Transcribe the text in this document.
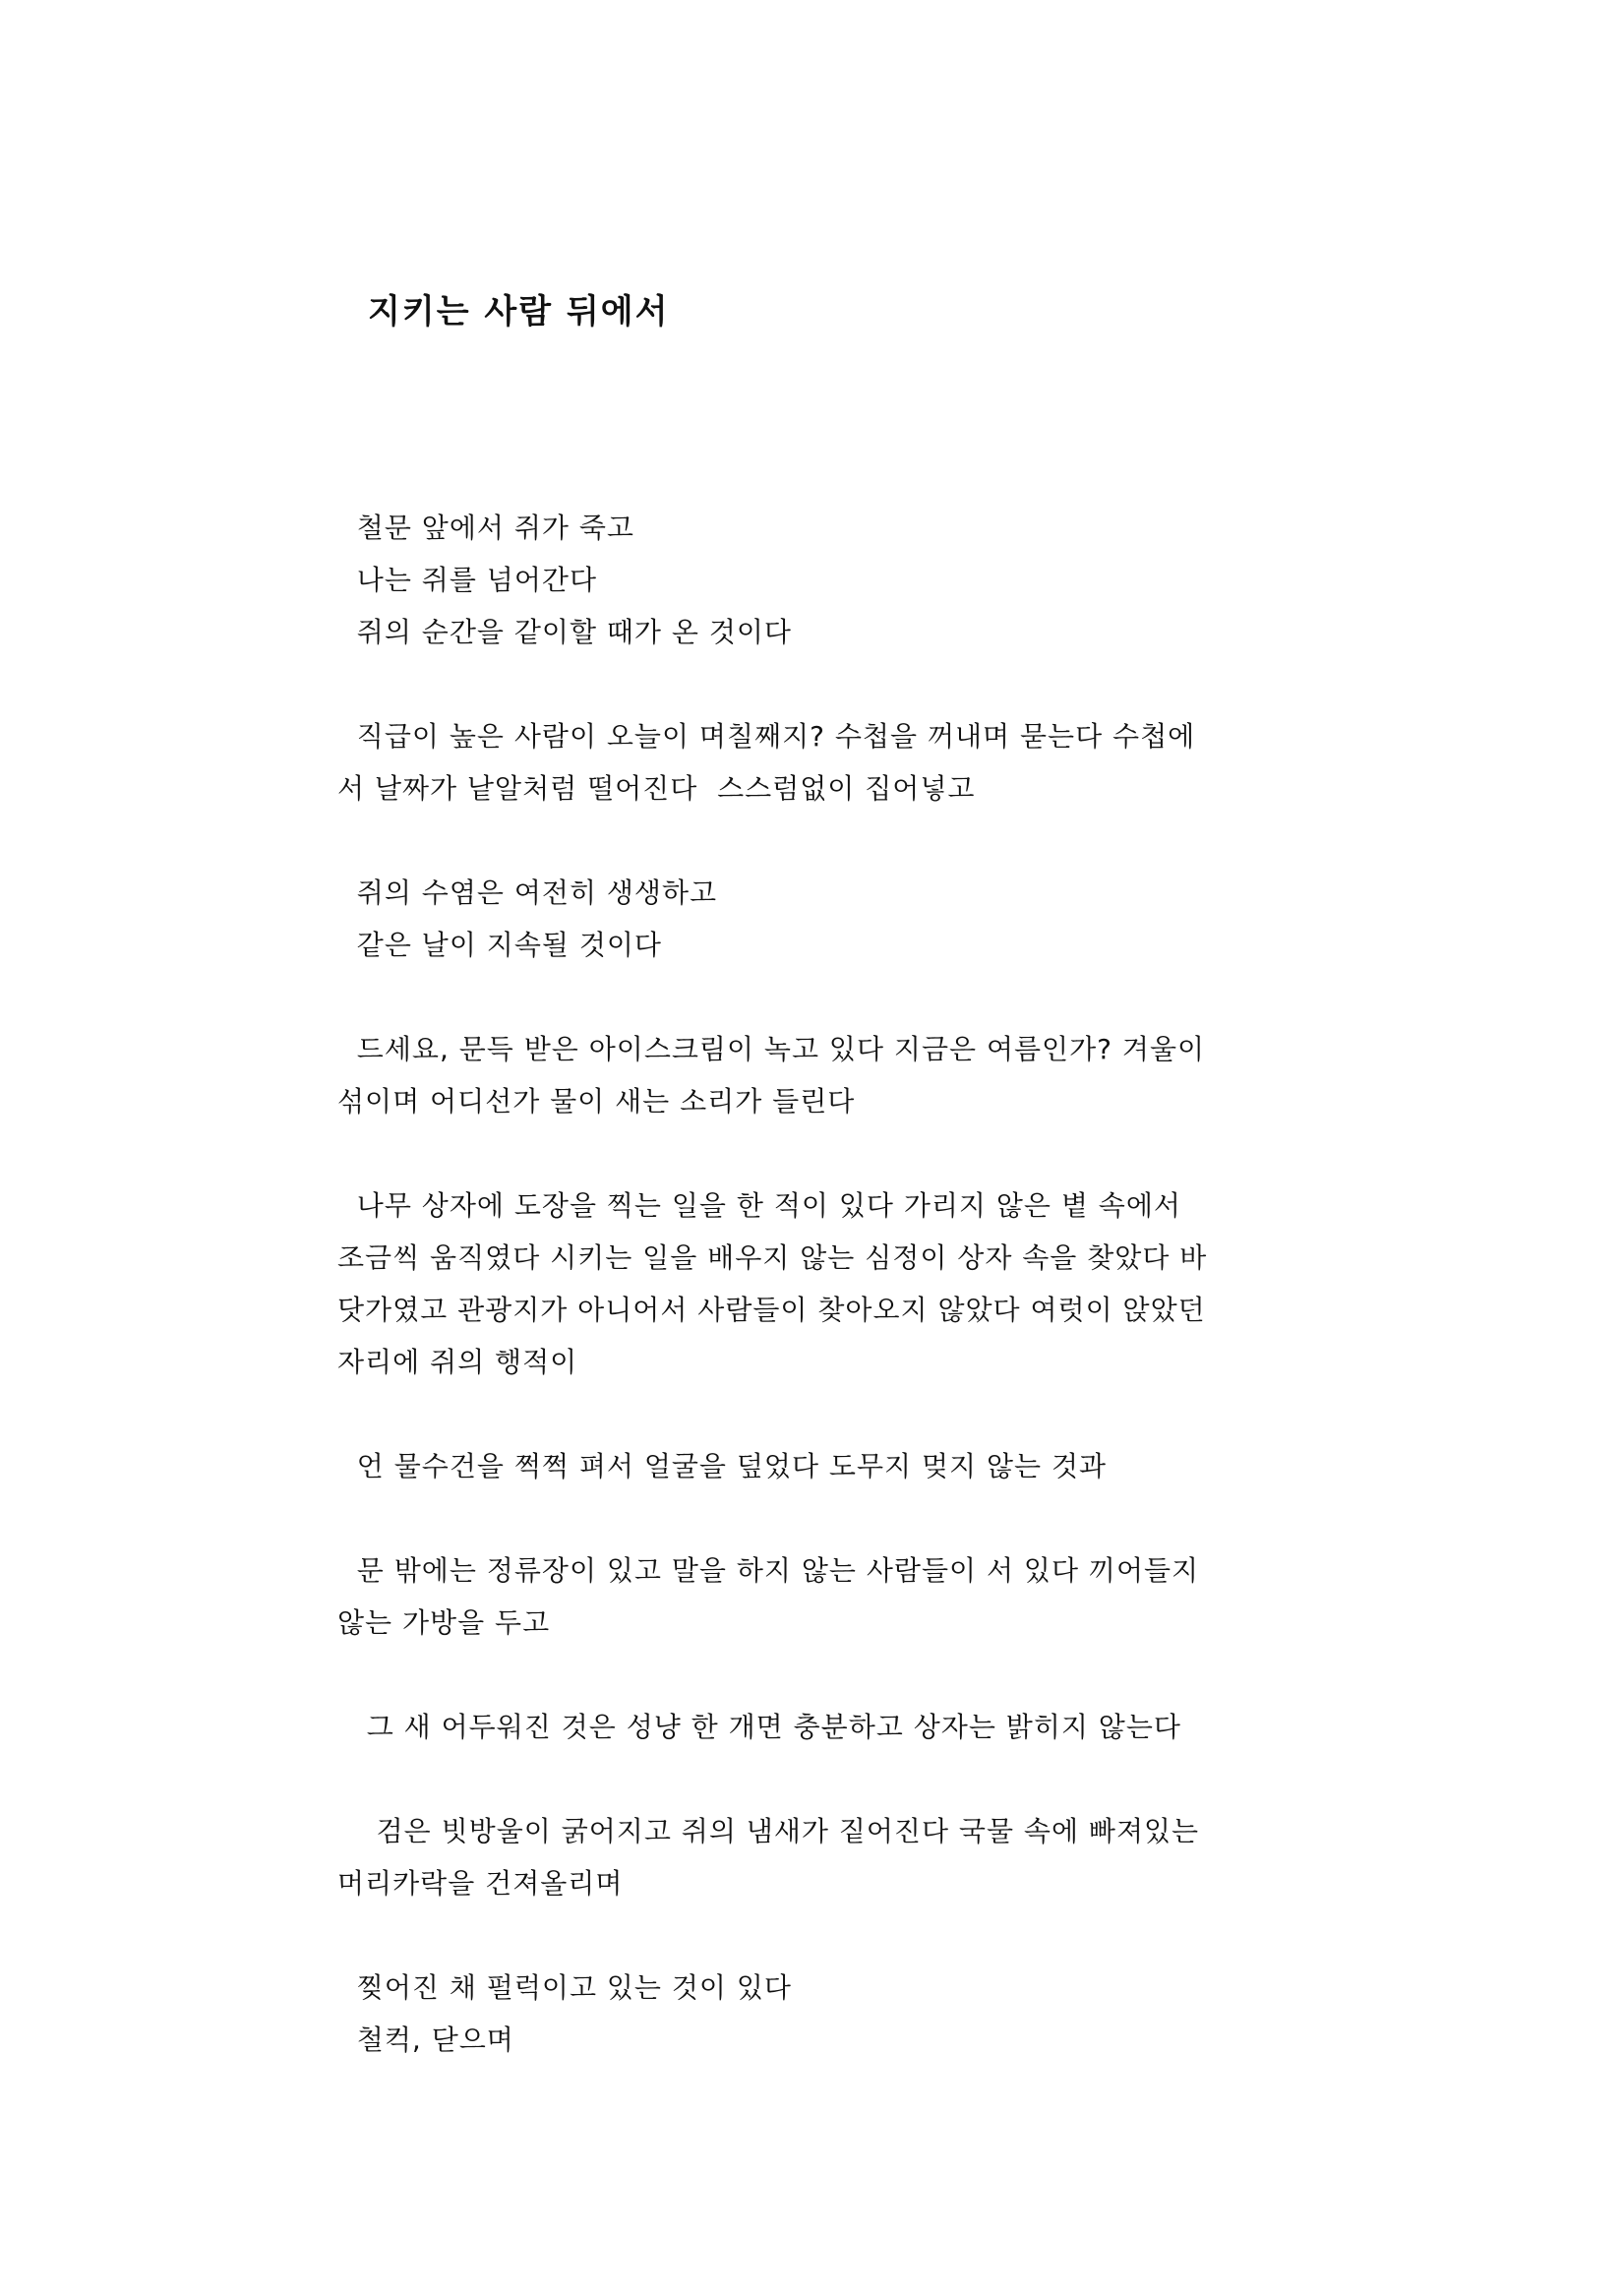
지키는 사람 뒤에서
철문 앞에서 쥐가 죽고
나는 쥐를 넘어간다
쥐의 순간을 같이할 때가 온 것이다
직급이 높은 사람이 오늘이 며칠째지? 수첩을 꺼내며 묻는다 수첩에
서 날짜가 낱알처럼 떨어진다  스스럼없이 집어넣고
쥐의 수염은 여전히 생생하고
같은 날이 지속될 것이다
드세요, 문득 받은 아이스크림이 녹고 있다 지금은 여름인가? 겨울이
섞이며 어디선가 물이 새는 소리가 들린다
나무 상자에 도장을 찍는 일을 한 적이 있다 가리지 않은 볕 속에서
조금씩 움직였다 시키는 일을 배우지 않는 심정이 상자 속을 찾았다 바
닷가였고 관광지가 아니어서 사람들이 찾아오지 않았다 여럿이 앉았던
자리에 쥐의 행적이
언 물수건을 쩍쩍 펴서 얼굴을 덮었다 도무지 멎지 않는 것과
문 밖에는 정류장이 있고 말을 하지 않는 사람들이 서 있다 끼어들지
않는 가방을 두고
그 새 어두워진 것은 성냥 한 개면 충분하고 상자는 밝히지 않는다
검은 빗방울이 굵어지고 쥐의 냄새가 짙어진다 국물 속에 빠져있는
머리카락을 건져올리며
찢어진 채 펄럭이고 있는 것이 있다
철컥, 닫으며
